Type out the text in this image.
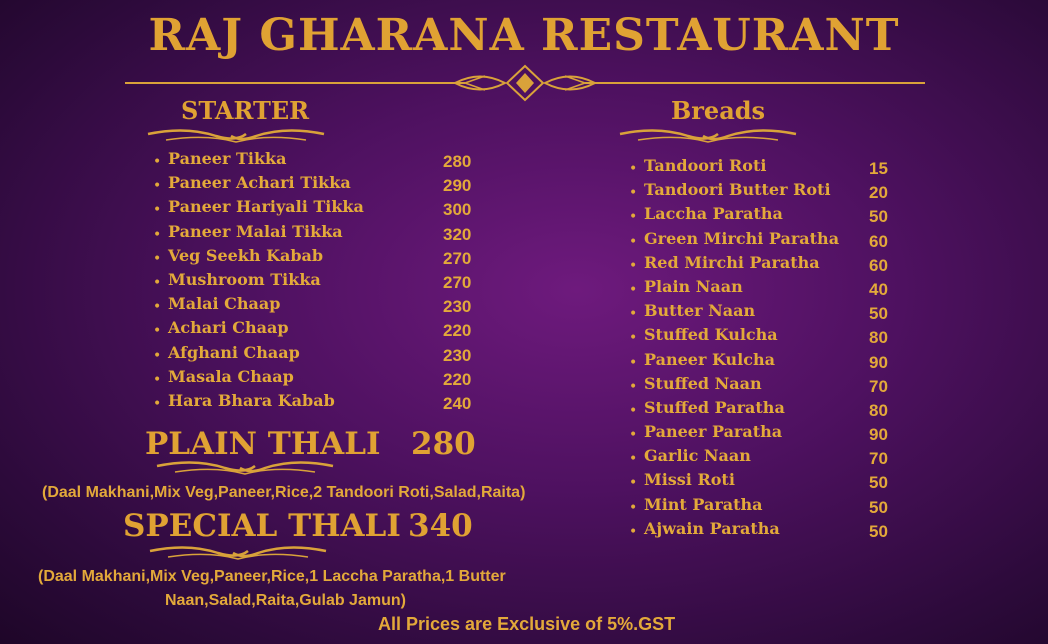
RAJ GHARANA RESTAURANT
STARTER
• Paneer Tikka	280
• Paneer Achari Tikka	290
• Paneer Hariyali Tikka	300
• Paneer Malai Tikka	320
• Veg Seekh Kabab	270
• Mushroom Tikka	270
• Malai Chaap	230
• Achari Chaap	220
• Afghani Chaap	230
• Masala Chaap	220
• Hara Bhara Kabab	240
Breads
• Tandoori Roti	15
• Tandoori Butter Roti 20
• Laccha Paratha	50
• Green Mirchi Paratha 60
• Red Mirchi Paratha	60
• Plain Naan	40
• Butter Naan	50
• Stuffed Kulcha	80
• Paneer Kulcha	90
• Stuffed Naan	70
• Stuffed Paratha	80
• Paneer Paratha	90
• Garlic Naan	70
• Missi Roti	50
• Mint Paratha	50
• Ajwain Paratha	50
PLAIN THALI 280
(Daal Makhani,Mix Veg,Paneer,Rice,2 Tandoori Roti,Salad,Raita)
SPECIAL THALI 340
(Daal Makhani,Mix Veg,Paneer,Rice,1 Laccha Paratha,1 Butter
Naan,Salad,Raita,Gulab Jamun)
All Prices are Exclusive of 5%.GST
